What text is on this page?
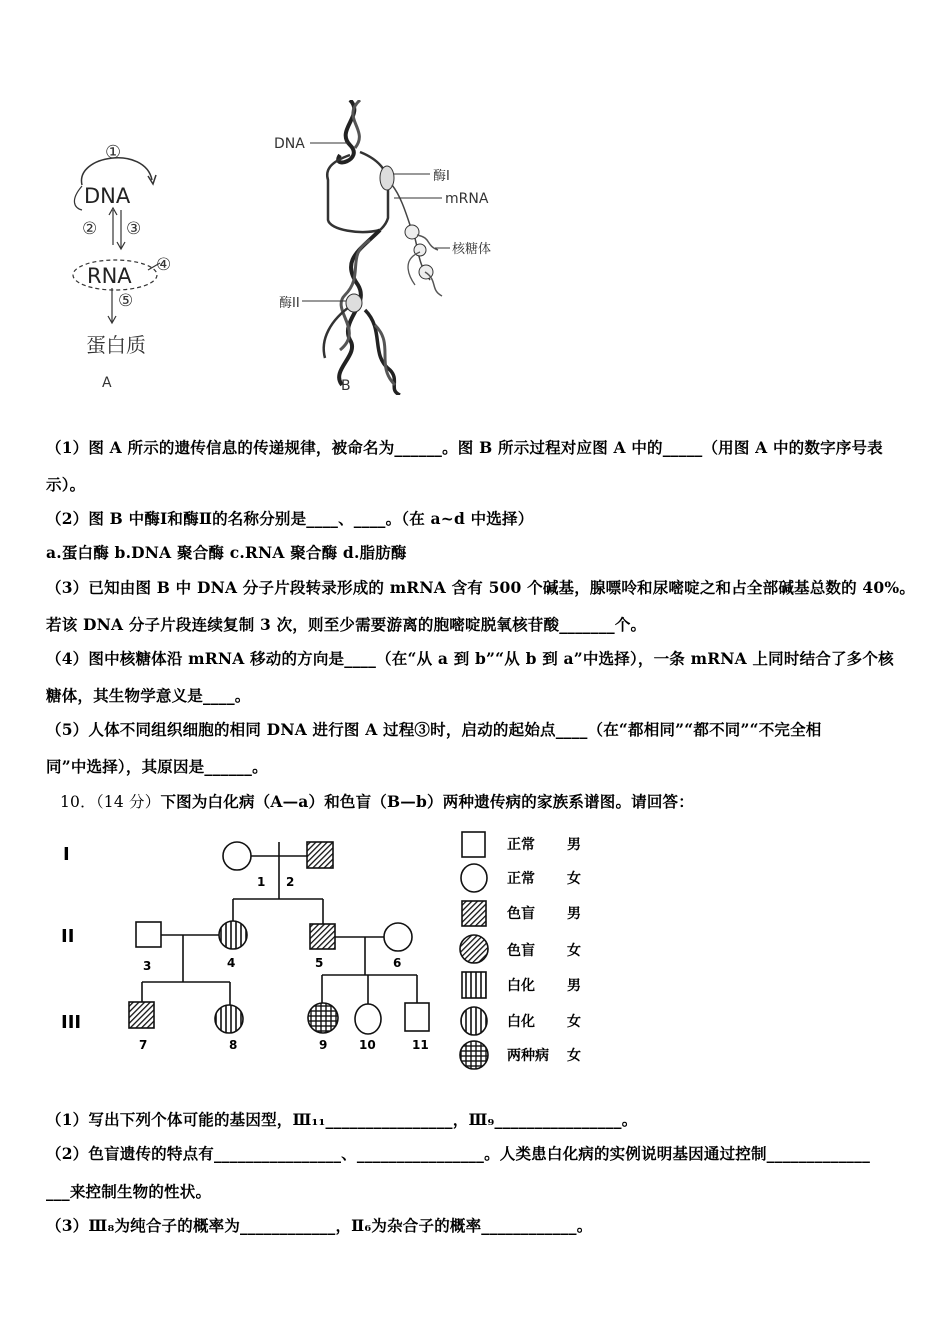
①
DNA
② ③
RNA ④
⑤
蛋白质
A
DNA
酶I
mRNA
核糖体
酶II
B
（1）图 A 所示的遗传信息的传递规律，被命名为______。图 B 所示过程对应图 A 中的_____（用图 A 中的数字序号表
示）。
（2）图 B 中酶Ⅰ和酶Ⅱ的名称分别是____、____。（在 a~d 中选择）
a.蛋白酶 b.DNA 聚合酶 c.RNA 聚合酶 d.脂肪酶
（3）已知由图 B 中 DNA 分子片段转录形成的 mRNA 含有 500 个碱基，腺嘌呤和尿嘧啶之和占全部碱基总数的 40%。
若该 DNA 分子片段连续复制 3 次，则至少需要游离的胞嘧啶脱氧核苷酸_______个。
（4）图中核糖体沿 mRNA 移动的方向是____（在“从 a 到 b”“从 b 到 a”中选择），一条 mRNA 上同时结合了多个核
糖体，其生物学意义是____。
（5）人体不同组织细胞的相同 DNA 进行图 A 过程③时，启动的起始点____（在“都相同”“都不同”“不完全相
同”中选择），其原因是______。
10．（14 分）下图为白化病（A—a）和色盲（B—b）两种遗传病的家族系谱图。请回答：
I
II
III
1 2
3	4	5	6
7	8	9	10	11
正常 男
正常 女
色盲 男
色盲 女
白化 男
白化 女
两种病 女
（1）写出下列个体可能的基因型，Ⅲ₁₁________________，Ⅲ₉________________。
（2）色盲遗传的特点有________________、________________。人类患白化病的实例说明基因通过控制_____________
___来控制生物的性状。
（3）Ⅲ₈为纯合子的概率为____________，Ⅱ₆为杂合子的概率____________。
